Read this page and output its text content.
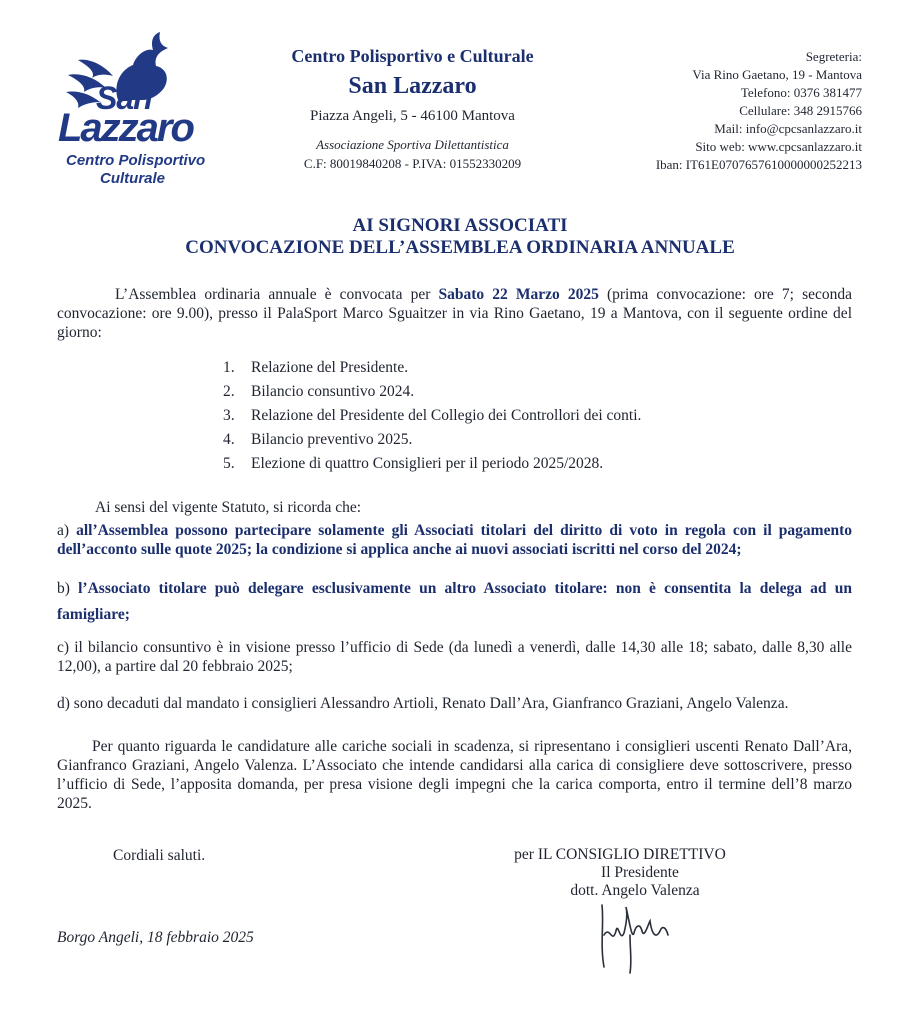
San
Lazzaro
Centro Polisportivo
Culturale
Centro Polisportivo e Culturale
San Lazzaro
Piazza Angeli, 5 - 46100 Mantova
Associazione Sportiva Dilettantistica
C.F: 80019840208 - P.IVA: 01552330209
Segreteria:
Via Rino Gaetano, 19 - Mantova
Telefono: 0376 381477
Cellulare: 348 2915766
Mail: info@cpcsanlazzaro.it
Sito web: www.cpcsanlazzaro.it
Iban: IT61E0707657610000000252213
AI SIGNORI ASSOCIATI
CONVOCAZIONE DELL’ASSEMBLEA ORDINARIA ANNUALE
L’Assemblea ordinaria annuale è convocata per Sabato 22 Marzo 2025 (prima convocazione: ore 7; seconda convocazione: ore 9.00), presso il PalaSport Marco Sguaitzer in via Rino Gaetano, 19 a Mantova, con il seguente ordine del giorno:
1. Relazione del Presidente.
2. Bilancio consuntivo 2024.
3. Relazione del Presidente del Collegio dei Controllori dei conti.
4. Bilancio preventivo 2025.
5. Elezione di quattro Consiglieri per il periodo 2025/2028.
Ai sensi del vigente Statuto, si ricorda che:
a) all’Assemblea possono partecipare solamente gli Associati titolari del diritto di voto in regola con il pagamento dell’acconto sulle quote 2025; la condizione si applica anche ai nuovi associati iscritti nel corso del 2024;
b) l’Associato titolare può delegare esclusivamente un altro Associato titolare: non è consentita la delega ad un famigliare;
c) il bilancio consuntivo è in visione presso l’ufficio di Sede (da lunedì a venerdì, dalle 14,30 alle 18; sabato, dalle 8,30 alle 12,00), a partire dal 20 febbraio 2025;
d) sono decaduti dal mandato i consiglieri Alessandro Artioli, Renato Dall’Ara, Gianfranco Graziani, Angelo Valenza.
Per quanto riguarda le candidature alle cariche sociali in scadenza, si ripresentano i consiglieri uscenti Renato Dall’Ara, Gianfranco Graziani, Angelo Valenza. L’Associato che intende candidarsi alla carica di consigliere deve sottoscrivere, presso l’ufficio di Sede, l’apposita domanda, per presa visione degli impegni che la carica comporta, entro il termine dell’8 marzo 2025.
Cordiali saluti.	per IL CONSIGLIO DIRETTIVO
Il Presidente
dott. Angelo Valenza
Borgo Angeli, 18 febbraio 2025
